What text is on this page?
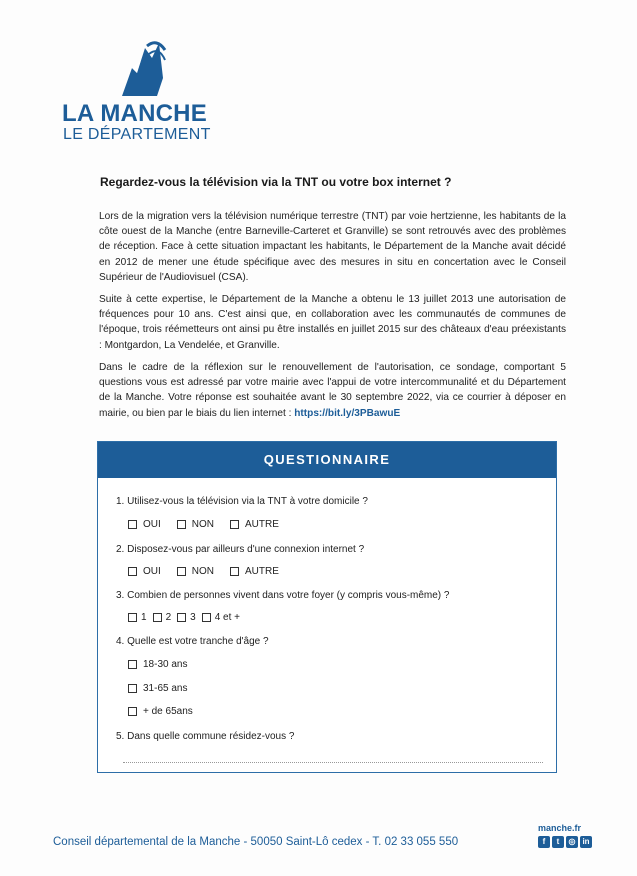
LA MANCHE
LE DÉPARTEMENT
Regardez-vous la télévision via la TNT ou votre box internet ?
Lors de la migration vers la télévision numérique terrestre (TNT) par voie hertzienne, les habitants de la côte ouest de la Manche (entre Barneville-Carteret et Granville) se sont retrouvés avec des problèmes de réception. Face à cette situation impactant les habitants, le Département de la Manche avait décidé en 2012 de mener une étude spécifique avec des mesures in situ en concertation avec le Conseil Supérieur de l'Audiovisuel (CSA).
Suite à cette expertise, le Département de la Manche a obtenu le 13 juillet 2013 une autorisation de fréquences pour 10 ans. C'est ainsi que, en collaboration avec les communautés de communes de l'époque, trois réémetteurs ont ainsi pu être installés en juillet 2015 sur des châteaux d'eau préexistants : Montgardon, La Vendelée, et Granville.
Dans le cadre de la réflexion sur le renouvellement de l'autorisation, ce sondage, comportant 5 questions vous est adressé par votre mairie avec l'appui de votre intercommunalité et du Département de la Manche. Votre réponse est souhaitée avant le 30 septembre 2022, via ce courrier à déposer en mairie, ou bien par le biais du lien internet : https://bit.ly/3PBawuE
QUESTIONNAIRE
1. Utilisez-vous la télévision via la TNT à votre domicile ?
OUI	NON	AUTRE
2. Disposez-vous par ailleurs d'une connexion internet ?
OUI	NON	AUTRE
3. Combien de personnes vivent dans votre foyer (y compris vous-même) ?
1 2 3 4 et +
4. Quelle est votre tranche d'âge ?
18-30 ans
31-65 ans
+ de 65ans
5. Dans quelle commune résidez-vous ?
Conseil départemental de la Manche - 50050 Saint-Lô cedex - T. 02 33 055 550
manche.fr
f	t	◎ in
